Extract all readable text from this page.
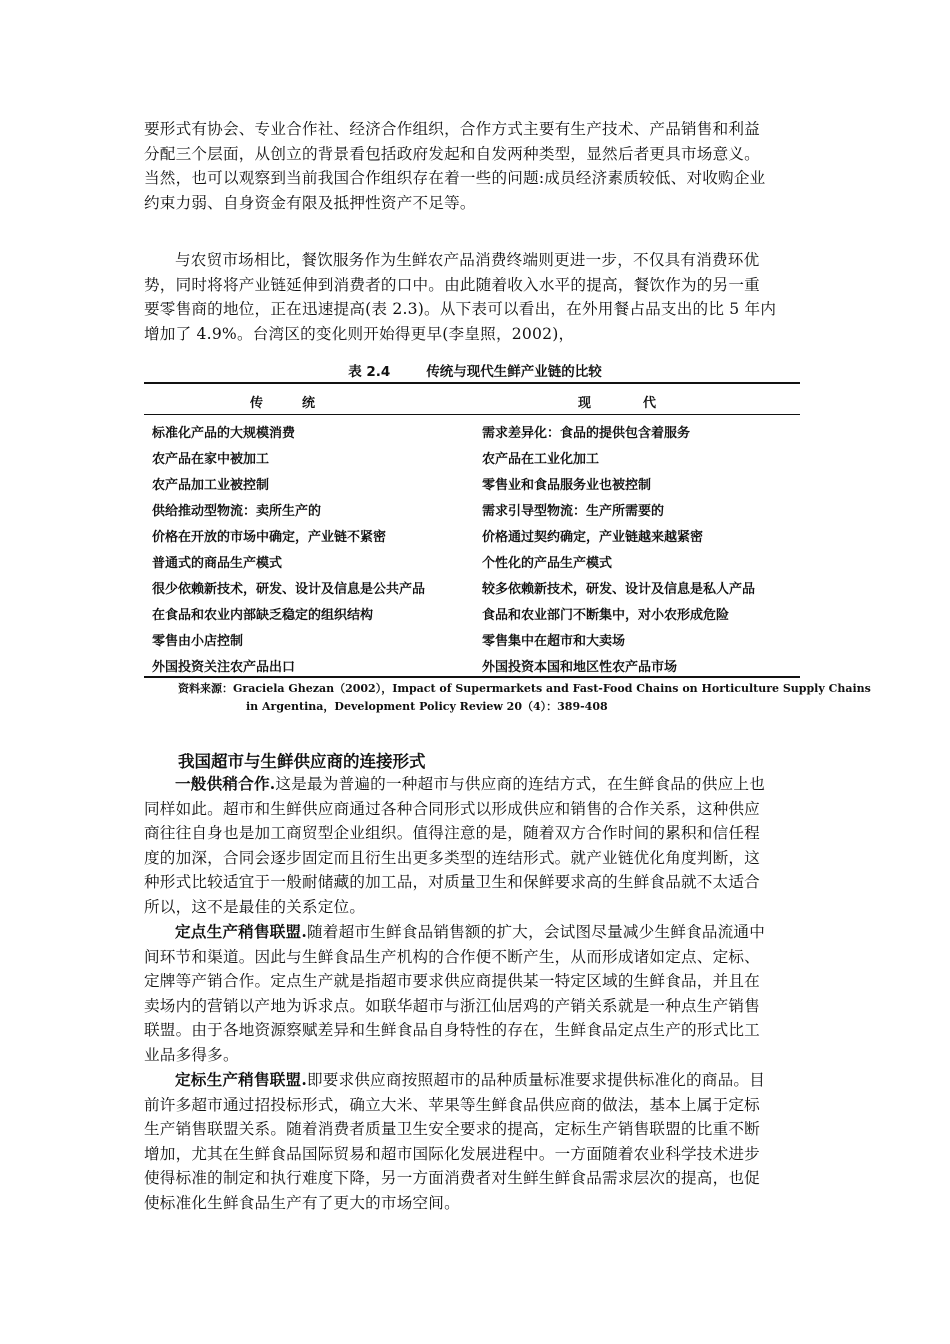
要形式有协会、专业合作社、经济合作组织，合作方式主要有生产技术、产品销售和利益
分配三个层面，从创立的背景看包括政府发起和自发两种类型，显然后者更具市场意义。
当然，也可以观察到当前我国合作组织存在着一些的问题:成员经济素质较低、对收购企业
约束力弱、自身资金有限及抵押性资产不足等。
与农贸市场相比，餐饮服务作为生鲜农产品消费终端则更进一步，不仅具有消费环优
势，同时将将产业链延伸到消费者的口中。由此随着收入水平的提高，餐饮作为的另一重
要零售商的地位，正在迅速提高(表 2.3)。从下表可以看出，在外用餐占品支出的比 5 年内
增加了 4.9%。台湾区的变化则开始得更早(李皇照，2002)，
表 2.4	传统与现代生鲜产业链的比较
传　　　统	现　　　　代
标准化产品的大规模消费	需求差异化：食品的提供包含着服务
农产品在家中被加工	农产品在工业化加工
农产品加工业被控制	零售业和食品服务业也被控制
供给推动型物流：卖所生产的	需求引导型物流：生产所需要的
价格在开放的市场中确定，产业链不紧密	价格通过契约确定，产业链越来越紧密
普通式的商品生产模式	个性化的产品生产模式
很少依赖新技术，研发、设计及信息是公共产品	较多依赖新技术，研发、设计及信息是私人产品
在食品和农业内部缺乏稳定的组织结构	食品和农业部门不断集中，对小农形成危险
零售由小店控制	零售集中在超市和大卖场
外国投资关注农产品出口	外国投资本国和地区性农产品市场
资料来源：Graciela Ghezan（2002），Impact of Supermarkets and Fast-Food Chains on Horticulture Supply Chains
in Argentina，Development Policy Review 20（4）：389-408
我国超市与生鲜供应商的连接形式
一般供稍合作.这是最为普遍的一种超市与供应商的连结方式，在生鲜食品的供应上也
同样如此。超市和生鲜供应商通过各种合同形式以形成供应和销售的合作关系，这种供应
商往往自身也是加工商贸型企业组织。值得注意的是，随着双方合作时间的累积和信任程
度的加深，合同会逐步固定而且衍生出更多类型的连结形式。就产业链优化角度判断，这
种形式比较适宜于一般耐储藏的加工品，对质量卫生和保鲜要求高的生鲜食品就不太适合
所以，这不是最佳的关系定位。
定点生产稍售联盟.随着超市生鲜食品销售额的扩大，会试图尽量减少生鲜食品流通中
间环节和渠道。因此与生鲜食品生产机构的合作便不断产生，从而形成诸如定点、定标、
定牌等产销合作。定点生产就是指超市要求供应商提供某一特定区域的生鲜食品，并且在
卖场内的营销以产地为诉求点。如联华超市与浙江仙居鸡的产销关系就是一种点生产销售
联盟。由于各地资源察赋差异和生鲜食品自身特性的存在，生鲜食品定点生产的形式比工
业品多得多。
定标生产稍售联盟.即要求供应商按照超市的品种质量标准要求提供标准化的商品。目
前许多超市通过招投标形式，确立大米、苹果等生鲜食品供应商的做法，基本上属于定标
生产销售联盟关系。随着消费者质量卫生安全要求的提高，定标生产销售联盟的比重不断
增加，尤其在生鲜食品国际贸易和超市国际化发展进程中。一方面随着农业科学技术进步
使得标准的制定和执行难度下降，另一方面消费者对生鲜生鲜食品需求层次的提高，也促
使标准化生鲜食品生产有了更大的市场空间。
